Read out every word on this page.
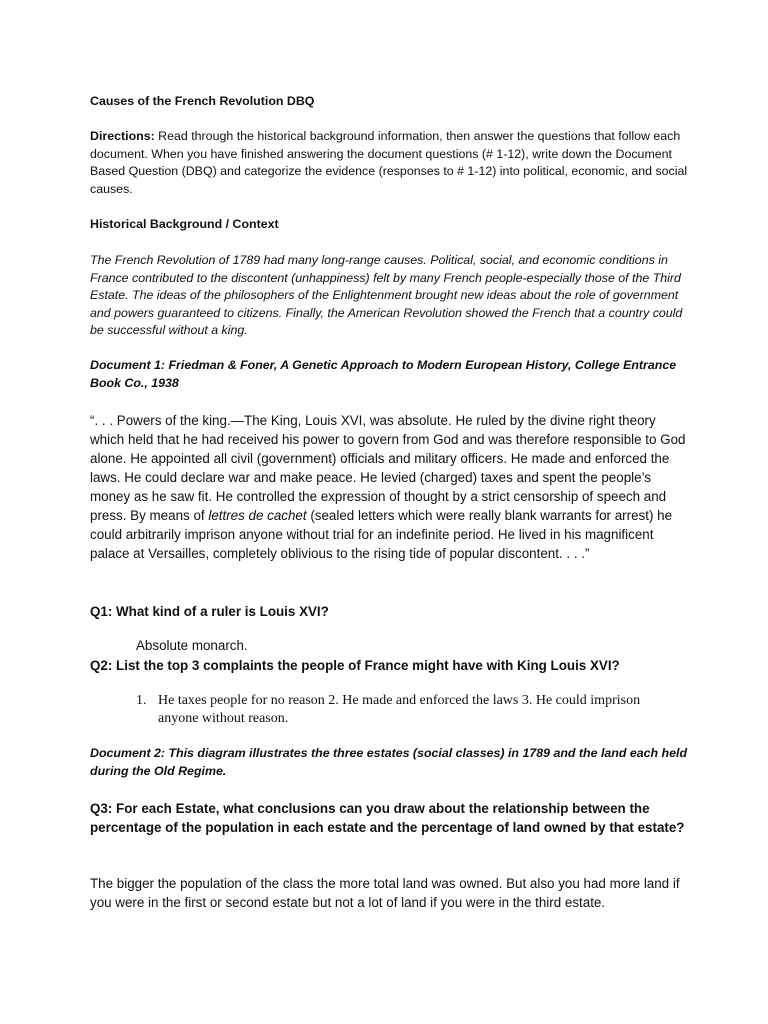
Causes of the French Revolution DBQ

Directions: Read through the historical background information, then answer the questions that follow each document. When you have finished answering the document questions (# 1-12), write down the Document Based Question (DBQ) and categorize the evidence (responses to # 1-12) into political, economic, and social causes.

Historical Background / Context

The French Revolution of 1789 had many long-range causes. Political, social, and economic conditions in France contributed to the discontent (unhappiness) felt by many French people-especially those of the Third Estate. The ideas of the philosophers of the Enlightenment brought new ideas about the role of government and powers guaranteed to citizens. Finally, the American Revolution showed the French that a country could be successful without a king.

Document 1: Friedman & Foner, A Genetic Approach to Modern European History, College Entrance Book Co., 1938

“. . . Powers of the king.—The King, Louis XVI, was absolute. He ruled by the divine right theory which held that he had received his power to govern from God and was therefore responsible to God alone. He appointed all civil (government) officials and military officers. He made and enforced the laws. He could declare war and make peace. He levied (charged) taxes and spent the people’s money as he saw fit. He controlled the expression of thought by a strict censorship of speech and press. By means of lettres de cachet (sealed letters which were really blank warrants for arrest) he could arbitrarily imprison anyone without trial for an indefinite period. He lived in his magnificent palace at Versailles, completely oblivious to the rising tide of popular discontent. . . .”

Q1: What kind of a ruler is Louis XVI?

Absolute monarch.

Q2: List the top 3 complaints the people of France might have with King Louis XVI?

1. He taxes people for no reason 2. He made and enforced the laws 3. He could imprison anyone without reason.

Document 2: This diagram illustrates the three estates (social classes) in 1789 and the land each held during the Old Regime.

Q3: For each Estate, what conclusions can you draw about the relationship between the percentage of the population in each estate and the percentage of land owned by that estate?

The bigger the population of the class the more total land was owned. But also you had more land if you were in the first or second estate but not a lot of land if you were in the third estate.
